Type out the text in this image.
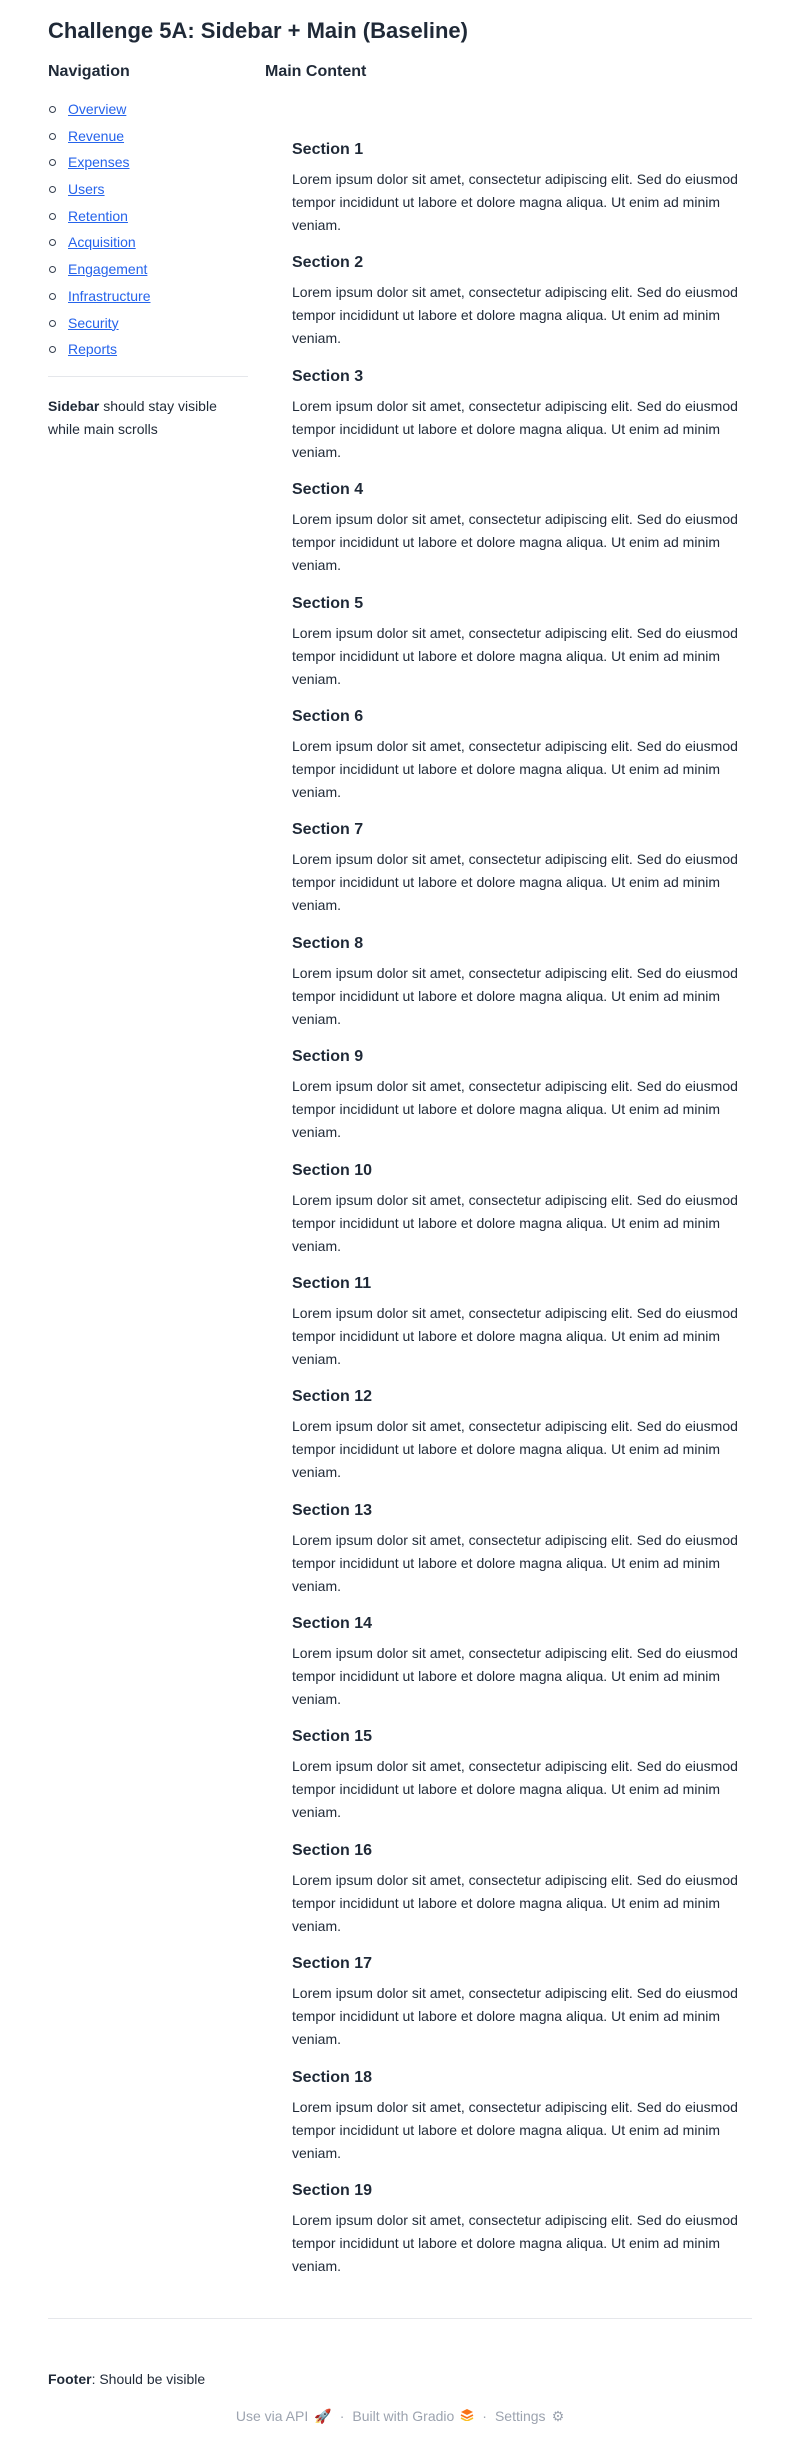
Challenge 5A: Sidebar + Main (Baseline)
Navigation
Overview
Revenue
Expenses
Users
Retention
Acquisition
Engagement
Infrastructure
Security
Reports

Sidebar should stay visible while main scrolls

Main Content
Section 1

Lorem ipsum dolor sit amet, consectetur adipiscing elit. Sed do eiusmod tempor incididunt ut labore et dolore magna aliqua. Ut enim ad minim veniam.

Section 2

Lorem ipsum dolor sit amet, consectetur adipiscing elit. Sed do eiusmod tempor incididunt ut labore et dolore magna aliqua. Ut enim ad minim veniam.

Section 3

Lorem ipsum dolor sit amet, consectetur adipiscing elit. Sed do eiusmod tempor incididunt ut labore et dolore magna aliqua. Ut enim ad minim veniam.

Section 4

Lorem ipsum dolor sit amet, consectetur adipiscing elit. Sed do eiusmod tempor incididunt ut labore et dolore magna aliqua. Ut enim ad minim veniam.

Section 5

Lorem ipsum dolor sit amet, consectetur adipiscing elit. Sed do eiusmod tempor incididunt ut labore et dolore magna aliqua. Ut enim ad minim veniam.

Section 6

Lorem ipsum dolor sit amet, consectetur adipiscing elit. Sed do eiusmod tempor incididunt ut labore et dolore magna aliqua. Ut enim ad minim veniam.

Section 7

Lorem ipsum dolor sit amet, consectetur adipiscing elit. Sed do eiusmod tempor incididunt ut labore et dolore magna aliqua. Ut enim ad minim veniam.

Section 8

Lorem ipsum dolor sit amet, consectetur adipiscing elit. Sed do eiusmod tempor incididunt ut labore et dolore magna aliqua. Ut enim ad minim veniam.

Section 9

Lorem ipsum dolor sit amet, consectetur adipiscing elit. Sed do eiusmod tempor incididunt ut labore et dolore magna aliqua. Ut enim ad minim veniam.

Section 10

Lorem ipsum dolor sit amet, consectetur adipiscing elit. Sed do eiusmod tempor incididunt ut labore et dolore magna aliqua. Ut enim ad minim veniam.

Section 11

Lorem ipsum dolor sit amet, consectetur adipiscing elit. Sed do eiusmod tempor incididunt ut labore et dolore magna aliqua. Ut enim ad minim veniam.

Section 12

Lorem ipsum dolor sit amet, consectetur adipiscing elit. Sed do eiusmod tempor incididunt ut labore et dolore magna aliqua. Ut enim ad minim veniam.

Section 13

Lorem ipsum dolor sit amet, consectetur adipiscing elit. Sed do eiusmod tempor incididunt ut labore et dolore magna aliqua. Ut enim ad minim veniam.

Section 14

Lorem ipsum dolor sit amet, consectetur adipiscing elit. Sed do eiusmod tempor incididunt ut labore et dolore magna aliqua. Ut enim ad minim veniam.

Section 15

Lorem ipsum dolor sit amet, consectetur adipiscing elit. Sed do eiusmod tempor incididunt ut labore et dolore magna aliqua. Ut enim ad minim veniam.

Section 16

Lorem ipsum dolor sit amet, consectetur adipiscing elit. Sed do eiusmod tempor incididunt ut labore et dolore magna aliqua. Ut enim ad minim veniam.

Section 17

Lorem ipsum dolor sit amet, consectetur adipiscing elit. Sed do eiusmod tempor incididunt ut labore et dolore magna aliqua. Ut enim ad minim veniam.

Section 18

Lorem ipsum dolor sit amet, consectetur adipiscing elit. Sed do eiusmod tempor incididunt ut labore et dolore magna aliqua. Ut enim ad minim veniam.

Section 19

Lorem ipsum dolor sit amet, consectetur adipiscing elit. Sed do eiusmod tempor incididunt ut labore et dolore magna aliqua. Ut enim ad minim veniam.

Footer: Should be visible

Use via API 🚀 · Built with Gradio · Settings ⚙
